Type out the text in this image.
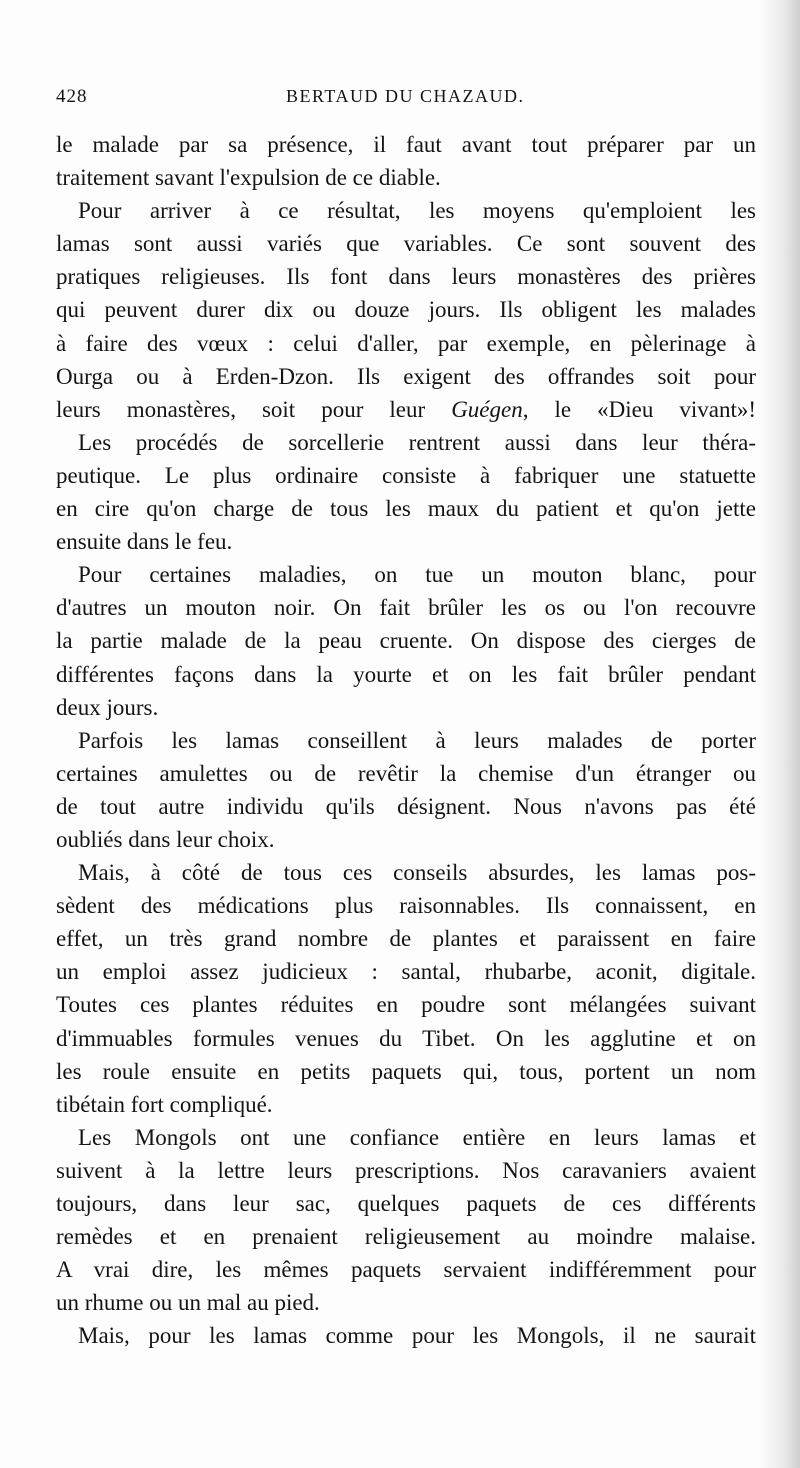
428	BERTAUD DU CHAZAUD.
le malade par sa présence, il faut avant tout préparer par un
traitement savant l'expulsion de ce diable.
Pour arriver à ce résultat, les moyens qu'emploient les
lamas sont aussi variés que variables. Ce sont souvent des
pratiques religieuses. Ils font dans leurs monastères des prières
qui peuvent durer dix ou douze jours. Ils obligent les malades
à faire des vœux : celui d'aller, par exemple, en pèlerinage à
Ourga ou à Erden-Dzon. Ils exigent des offrandes soit pour
leurs monastères, soit pour leur Guégen, le «Dieu vivant»!
Les procédés de sorcellerie rentrent aussi dans leur théra-
peutique. Le plus ordinaire consiste à fabriquer une statuette
en cire qu'on charge de tous les maux du patient et qu'on jette
ensuite dans le feu.
Pour certaines maladies, on tue un mouton blanc, pour
d'autres un mouton noir. On fait brûler les os ou l'on recouvre
la partie malade de la peau cruente. On dispose des cierges de
différentes façons dans la yourte et on les fait brûler pendant
deux jours.
Parfois les lamas conseillent à leurs malades de porter
certaines amulettes ou de revêtir la chemise d'un étranger ou
de tout autre individu qu'ils désignent. Nous n'avons pas été
oubliés dans leur choix.
Mais, à côté de tous ces conseils absurdes, les lamas pos-
sèdent des médications plus raisonnables. Ils connaissent, en
effet, un très grand nombre de plantes et paraissent en faire
un emploi assez judicieux : santal, rhubarbe, aconit, digitale.
Toutes ces plantes réduites en poudre sont mélangées suivant
d'immuables formules venues du Tibet. On les agglutine et on
les roule ensuite en petits paquets qui, tous, portent un nom
tibétain fort compliqué.
Les Mongols ont une confiance entière en leurs lamas et
suivent à la lettre leurs prescriptions. Nos caravaniers avaient
toujours, dans leur sac, quelques paquets de ces différents
remèdes et en prenaient religieusement au moindre malaise.
A vrai dire, les mêmes paquets servaient indifféremment pour
un rhume ou un mal au pied.
Mais, pour les lamas comme pour les Mongols, il ne saurait
